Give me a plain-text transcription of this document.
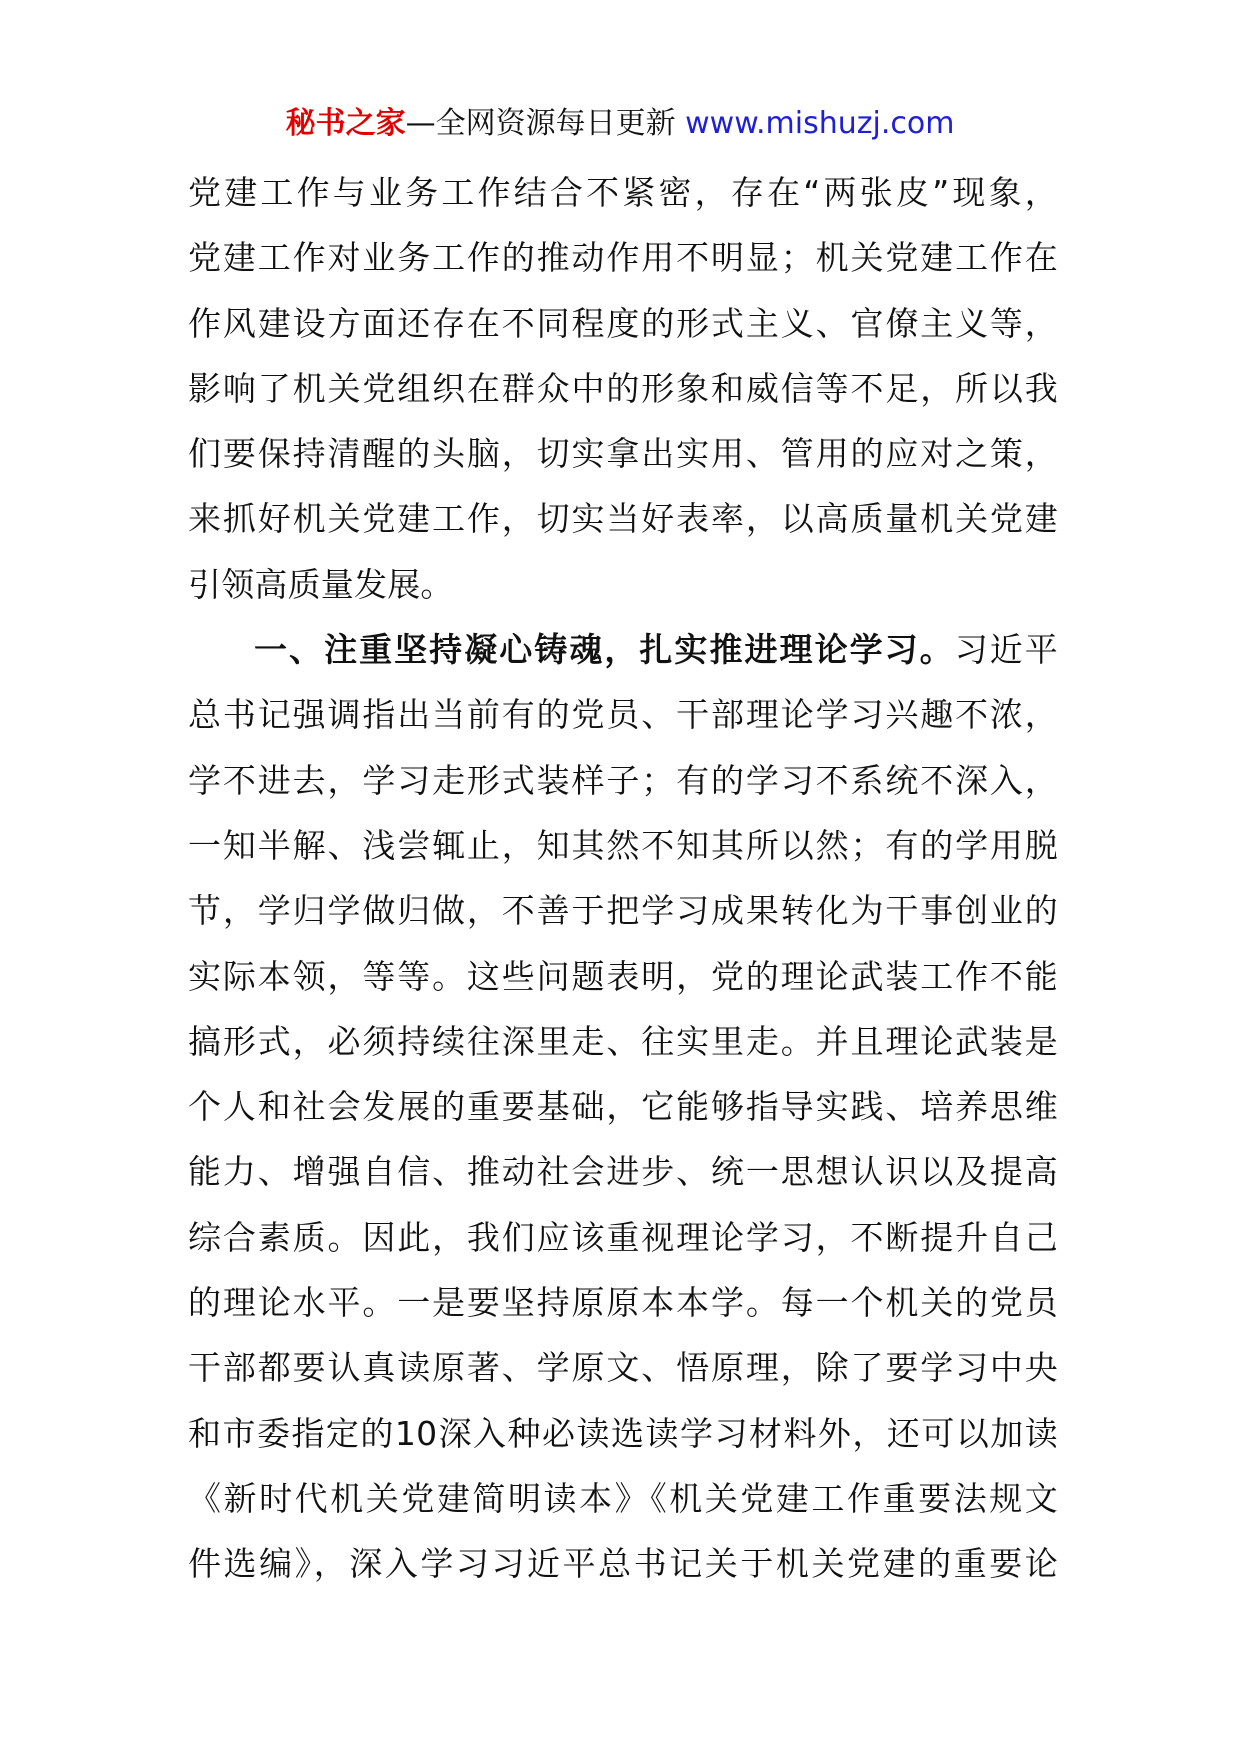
秘书之家—全网资源每日更新 www.mishuzj.com
党建工作与业务工作结合不紧密，存在“两张皮”现象，
党建工作对业务工作的推动作用不明显；机关党建工作在
作风建设方面还存在不同程度的形式主义、官僚主义等，
影响了机关党组织在群众中的形象和威信等不足，所以我
们要保持清醒的头脑，切实拿出实用、管用的应对之策，
来抓好机关党建工作，切实当好表率，以高质量机关党建
引领高质量发展。
一、注重坚持凝心铸魂，扎实推进理论学习。习近平
总书记强调指出当前有的党员、干部理论学习兴趣不浓，
学不进去，学习走形式装样子；有的学习不系统不深入，
一知半解、浅尝辄止，知其然不知其所以然；有的学用脱
节，学归学做归做，不善于把学习成果转化为干事创业的
实际本领，等等。这些问题表明，党的理论武装工作不能
搞形式，必须持续往深里走、往实里走。并且理论武装是
个人和社会发展的重要基础，它能够指导实践、培养思维
能力、增强自信、推动社会进步、统一思想认识以及提高
综合素质。因此，我们应该重视理论学习，不断提升自己
的理论水平。一是要坚持原原本本学。每一个机关的党员
干部都要认真读原著、学原文、悟原理，除了要学习中央
和市委指定的10深入种必读选读学习材料外，还可以加读
《新时代机关党建简明读本》《机关党建工作重要法规文
件选编》，深入学习习近平总书记关于机关党建的重要论
